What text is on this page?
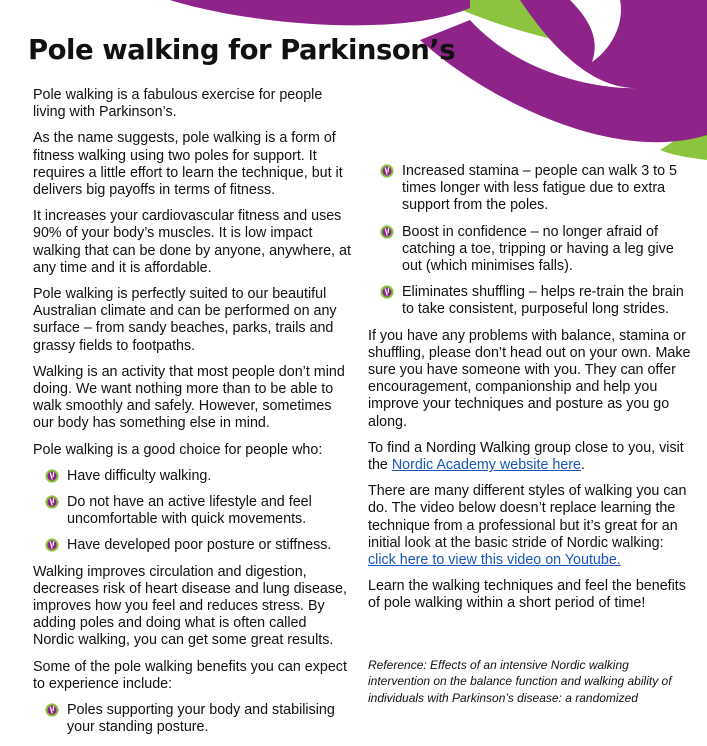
Pole walking for Parkinson’s

Pole walking is a fabulous exercise for people living with Parkinson’s.

As the name suggests, pole walking is a form of fitness walking using two poles for support. It requires a little effort to learn the technique, but it delivers big payoffs in terms of fitness.

It increases your cardiovascular fitness and uses 90% of your body’s muscles. It is low impact walking that can be done by anyone, anywhere, at any time and it is affordable.

Pole walking is perfectly suited to our beautiful Australian climate and can be performed on any surface – from sandy beaches, parks, trails and grassy fields to footpaths.

Walking is an activity that most people don’t mind doing. We want nothing more than to be able to walk smoothly and safely. However, sometimes our body has something else in mind.

Pole walking is a good choice for people who:

Have difficulty walking.
Do not have an active lifestyle and feel uncomfortable with quick movements.
Have developed poor posture or stiffness.

Walking improves circulation and digestion, decreases risk of heart disease and lung disease, improves how you feel and reduces stress. By adding poles and doing what is often called Nordic walking, you can get some great results.

Some of the pole walking benefits you can expect to experience include:

Poles supporting your body and stabilising your standing posture.
Increased stamina – people can walk 3 to 5 times longer with less fatigue due to extra support from the poles.
Boost in confidence – no longer afraid of catching a toe, tripping or having a leg give out (which minimises falls).
Eliminates shuffling – helps re-train the brain to take consistent, purposeful long strides.

If you have any problems with balance, stamina or shuffling, please don’t head out on your own. Make sure you have someone with you. They can offer encouragement, companionship and help you improve your techniques and posture as you go along.

To find a Nording Walking group close to you, visit the Nordic Academy website here.

There are many different styles of walking you can do. The video below doesn’t replace learning the technique from a professional but it’s great for an initial look at the basic stride of Nordic walking: click here to view this video on Youtube.

Learn the walking techniques and feel the benefits of pole walking within a short period of time!

Reference: Effects of an intensive Nordic walking intervention on the balance function and walking ability of individuals with Parkinson’s disease: a randomized
